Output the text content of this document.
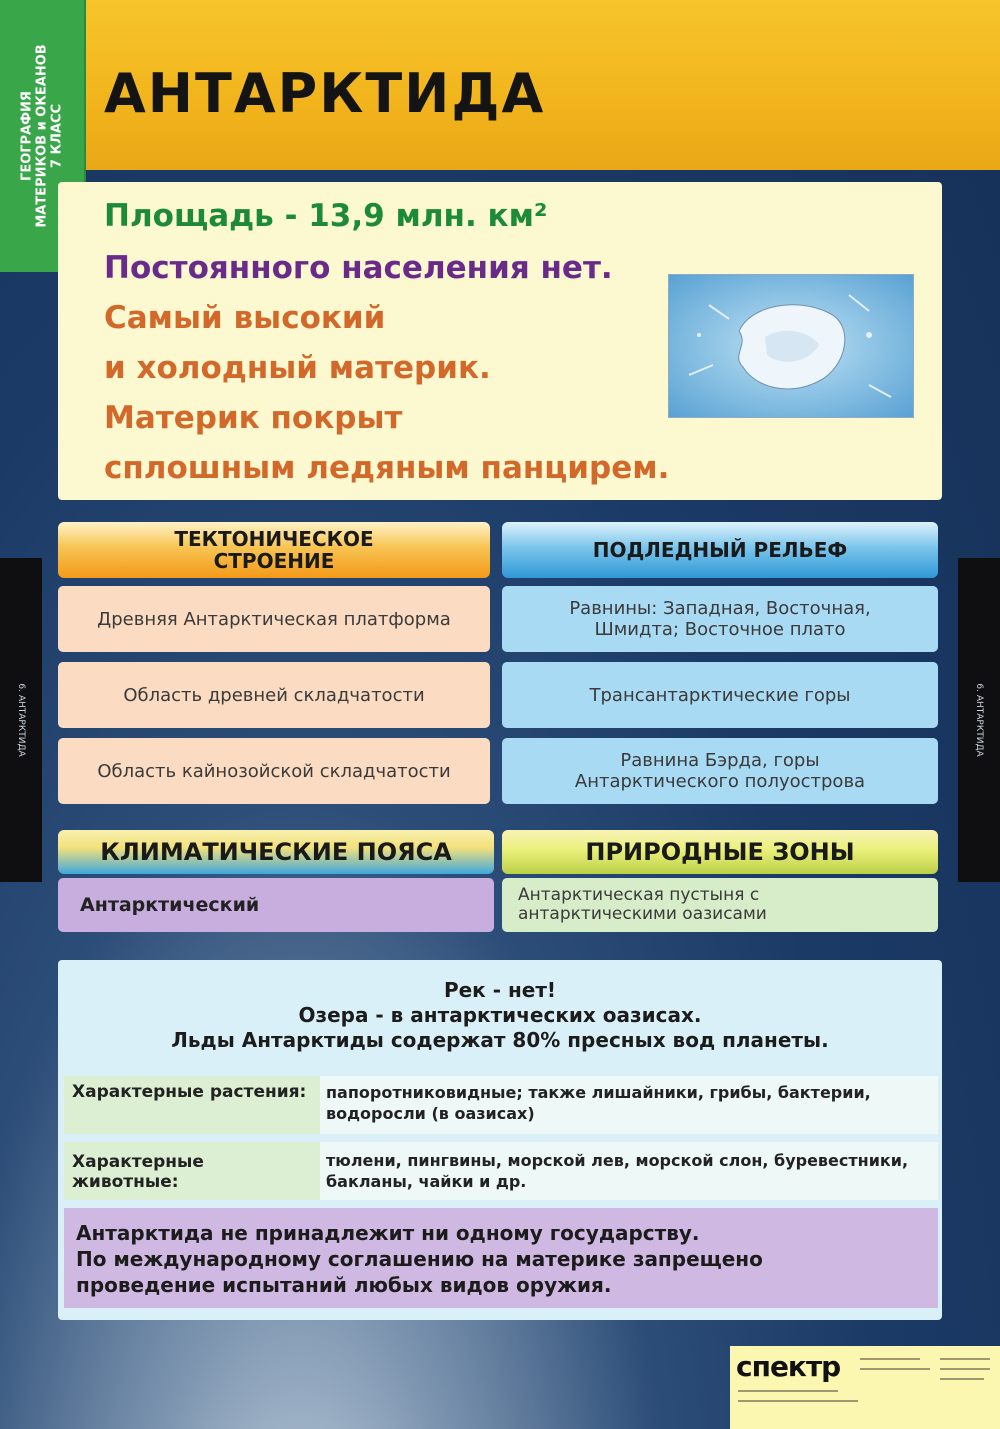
АНТАРКТИДА
ГЕОГРАФИЯ МАТЕРИКОВ и ОКЕАНОВ 7 КЛАСС
Площадь - 13,9 млн. км²
Постоянного населения нет.
Самый высокий
и холодный материк.
Материк покрыт
сплошным ледяным панцирем.
6. АНТАРКТИДА	6. АНТАРКТИДА
ТЕКТОНИЧЕСКОЕ СТРОЕНИЕ
Древняя Антарктическая платформа
Область древней складчатости
Область кайнозойской складчатости
ПОДЛЕДНЫЙ РЕЛЬЕФ
Равнины: Западная, Восточная, Шмидта; Восточное плато
Трансантарктические горы
Равнина Бэрда, горы Антарктического полуострова
КЛИМАТИЧЕСКИЕ ПОЯСА
Антарктический
ПРИРОДНЫЕ ЗОНЫ
Антарктическая пустыня с антарктическими оазисами
Рек - нет!
Озера - в антарктических оазисах.
Льды Антарктиды содержат 80% пресных вод планеты.
Характерные растения:	папоротниковидные; также лишайники, грибы, бактерии, водоросли (в оазисах)
Характерные животные:
тюлени, пингвины, морской лев, морской слон, буревестники, бакланы, чайки и др.
Антарктида не принадлежит ни одному государству.
По международному соглашению на материке запрещено
проведение испытаний любых видов оружия.
спектр
